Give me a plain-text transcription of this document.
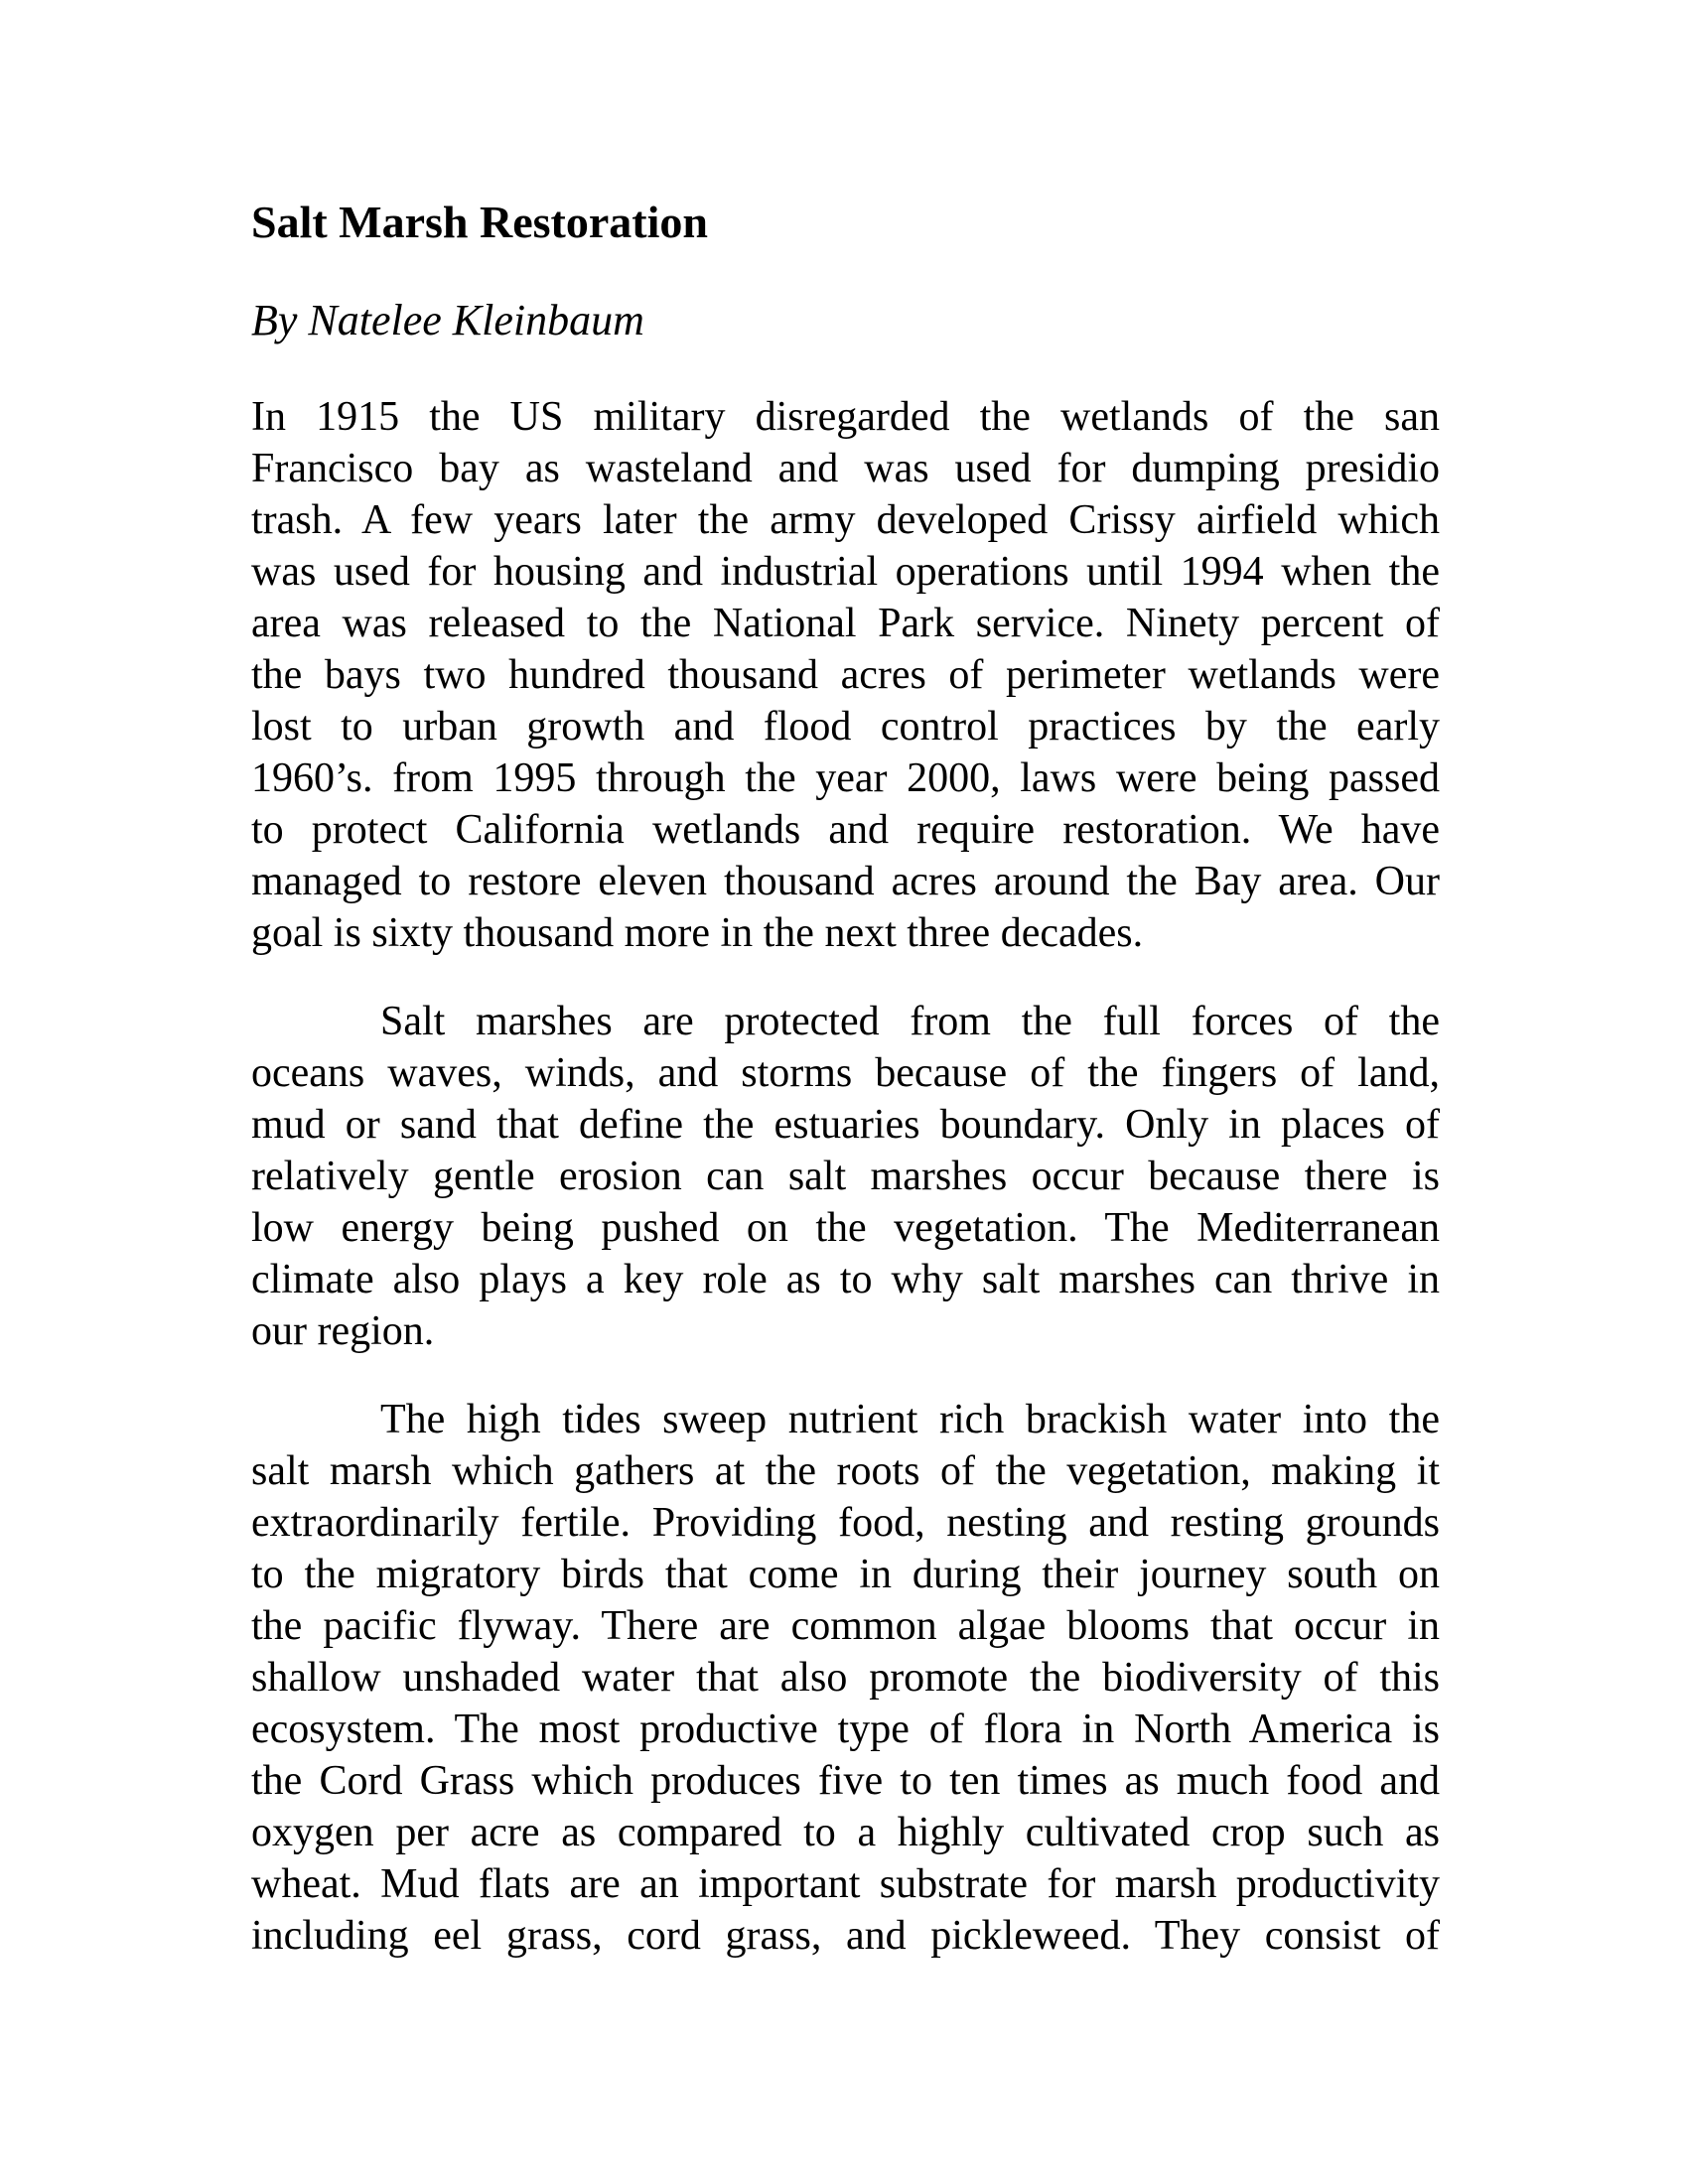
Salt Marsh Restoration
By Natelee Kleinbaum
In 1915 the US military disregarded the wetlands of the san
Francisco bay as wasteland and was used for dumping presidio
trash. A few years later the army developed Crissy airfield which
was used for housing and industrial operations until 1994 when the
area was released to the National Park service. Ninety percent of
the bays two hundred thousand acres of perimeter wetlands were
lost to urban growth and flood control practices by the early
1960’s. from 1995 through the year 2000, laws were being passed
to protect California wetlands and require restoration. We have
managed to restore eleven thousand acres around the Bay area. Our
goal is sixty thousand more in the next three decades.
Salt marshes are protected from the full forces of the
oceans waves, winds, and storms because of the fingers of land,
mud or sand that define the estuaries boundary. Only in places of
relatively gentle erosion can salt marshes occur because there is
low energy being pushed on the vegetation. The Mediterranean
climate also plays a key role as to why salt marshes can thrive in
our region.
The high tides sweep nutrient rich brackish water into the
salt marsh which gathers at the roots of the vegetation, making it
extraordinarily fertile. Providing food, nesting and resting grounds
to the migratory birds that come in during their journey south on
the pacific flyway. There are common algae blooms that occur in
shallow unshaded water that also promote the biodiversity of this
ecosystem. The most productive type of flora in North America is
the Cord Grass which produces five to ten times as much food and
oxygen per acre as compared to a highly cultivated crop such as
wheat. Mud flats are an important substrate for marsh productivity
including eel grass, cord grass, and pickleweed. They consist of
